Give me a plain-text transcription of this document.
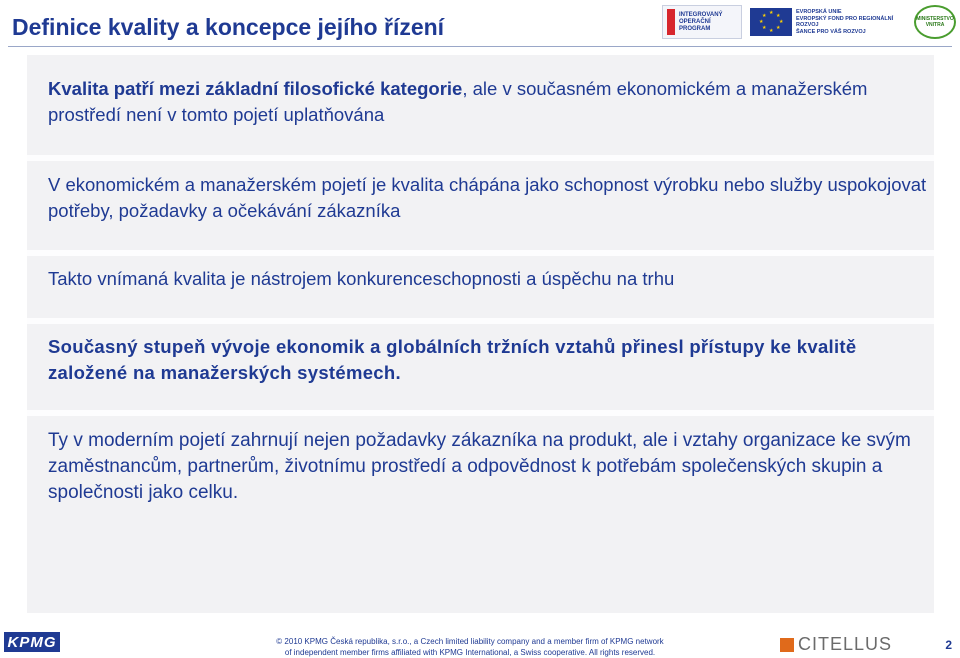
Definice kvality a koncepce jejího řízení	INTEGROVANÝ
OPERAČNÍ
PROGRAM
★ ★
★
★
★
★
★
★
EVROPSKÁ UNIE
EVROPSKÝ FOND PRO REGIONÁLNÍ ROZVOJ
ŠANCE PRO VÁŠ ROZVOJ
MINISTERSTVO VNITRA

Kvalita patří mezi základní filosofické kategorie, ale v současném ekonomickém a manažerském prostředí není v tomto pojetí uplatňována

V ekonomickém a manažerském pojetí je kvalita chápána jako schopnost výrobku nebo služby uspokojovat potřeby, požadavky a očekávání zákazníka

Takto vnímaná kvalita je nástrojem konkurenceschopnosti a úspěchu na trhu

Současný stupeň vývoje ekonomik a globálních tržních vztahů přinesl přístupy ke kvalitě založené na manažerských systémech.

Ty v moderním pojetí zahrnují nejen požadavky zákazníka na produkt, ale i vztahy organizace ke svým zaměstnancům, partnerům, životnímu prostředí a odpovědnost k potřebám společenských skupin a společnosti jako celku.

KPMG	© 2010 KPMG Česká republika, s.r.o., a Czech limited liability company and a member firm of KPMG network
of independent member firms affiliated with KPMG International, a Swiss cooperative. All rights reserved.	CITELLUS	2
